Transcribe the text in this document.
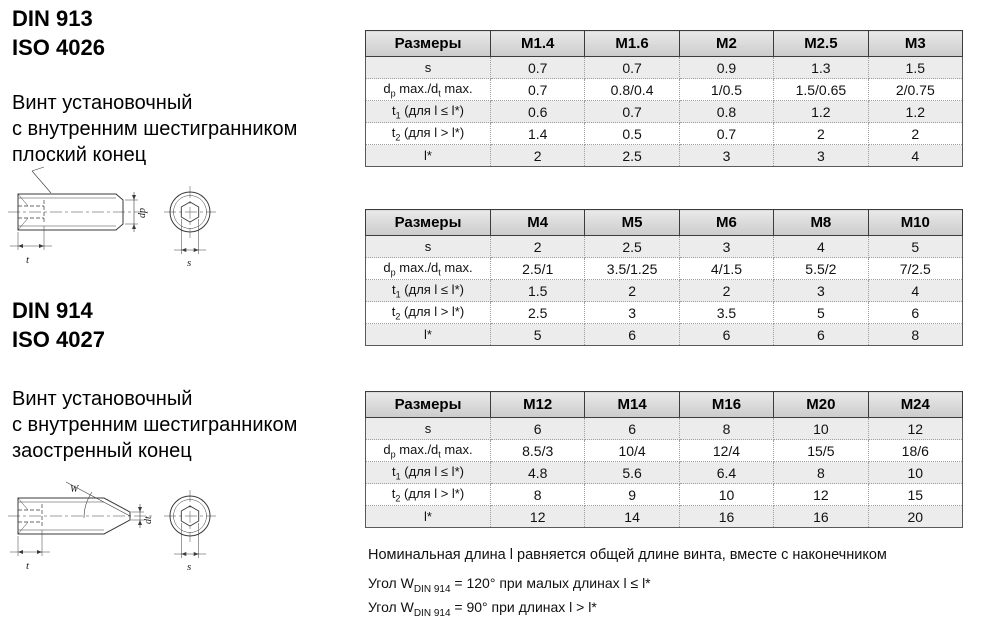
DIN 913
ISO 4026
Винт установочный
с внутренним шестигранником
плоский конец
t	s
dp
DIN 914
ISO 4027
Винт установочный
с внутренним шестигранником
заостренный конец
t	s
dt
W
Размеры	M1.4	M1.6	M2	M2.5	M3
s	0.7	0.7	0.9	1.3	1.5
$d_p$ $\max./d_t$ max.	0.7	0.8/0.4	1/0.5	1.5/0.65	2/0.75
$t_1$ (для l ≤ l*)	0.6	0.7	0.8	1.2	1.2
$t_2$ (для l > l*)	1.4	0.5	0.7	2	2
l*	2	2.5	3	3	4
Размеры	M4	M5	M6	M8	M10
s	2	2.5	3	4	5
$d_p$ $\max./d_t$ max.	2.5/1	3.5/1.25	4/1.5	5.5/2	7/2.5
$t_1$ (для l ≤ l*)	1.5	2	2	3	4
$t_2$ (для l > l*)	2.5	3	3.5	5	6
l*	5	6	6	6	8
Размеры	M12	M14	M16	M20	M24
s	6	6	8	10	12
$d_p$ $\max./d_t$ max.	8.5/3	10/4	12/4	15/5	18/6
$t_1$ (для l ≤ l*)	4.8	5.6	6.4	8	10
$t_2$ (для l > l*)	8	9	10	12	15
l*	12	14	16	16	20
Номинальная длина l равняется общей длине винта, вместе с наконечником
Угол $W_{DIN 914} = 120^\circ$ при малых длинах l ≤ l*
Угол $W_{DIN 914} = 90^\circ$ при длинах l > l*
